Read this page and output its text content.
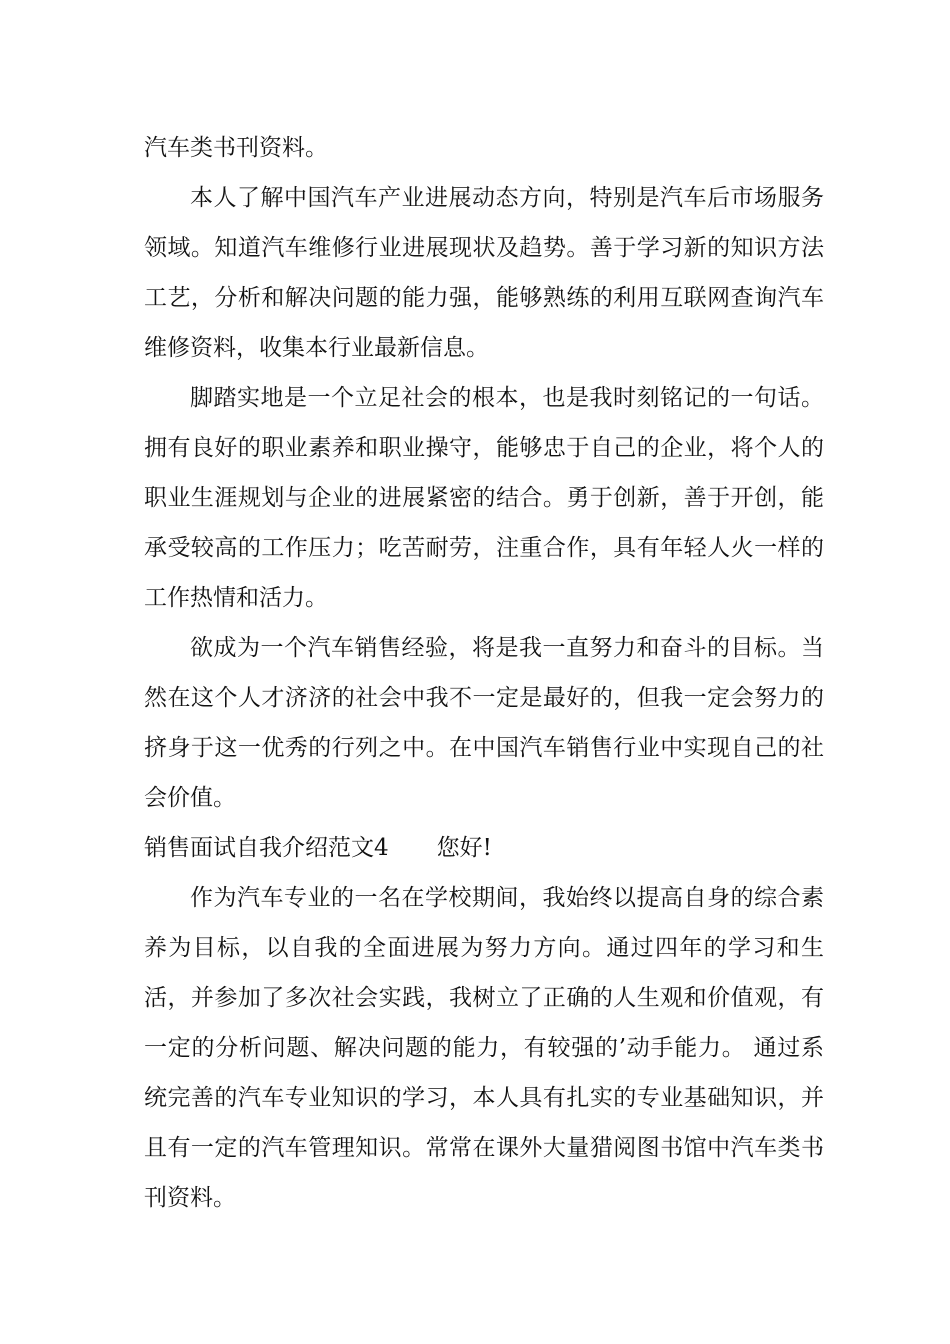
汽车类书刊资料。

本人了解中国汽车产业进展动态方向，特别是汽车后市场服务领域。知道汽车维修行业进展现状及趋势。善于学习新的知识方法工艺，分析和解决问题的能力强，能够熟练的利用互联网查询汽车维修资料，收集本行业最新信息。

脚踏实地是一个立足社会的根本，也是我时刻铭记的一句话。拥有良好的职业素养和职业操守，能够忠于自己的企业，将个人的职业生涯规划与企业的进展紧密的结合。勇于创新，善于开创，能承受较高的工作压力；吃苦耐劳，注重合作，具有年轻人火一样的工作热情和活力。

欲成为一个汽车销售经验，将是我一直努力和奋斗的目标。当然在这个人才济济的社会中我不一定是最好的，但我一定会努力的挤身于这一优秀的行列之中。在中国汽车销售行业中实现自己的社会价值。

销售面试自我介绍范文4 您好!

作为汽车专业的一名在学校期间，我始终以提高自身的综合素养为目标，以自我的全面进展为努力方向。通过四年的学习和生活，并参加了多次社会实践，我树立了正确的人生观和价值观，有一定的分析问题、解决问题的能力，有较强的’动手能力。 通过系统完善的汽车专业知识的学习，本人具有扎实的专业基础知识，并且有一定的汽车管理知识。常常在课外大量猎阅图书馆中汽车类书刊资料。
